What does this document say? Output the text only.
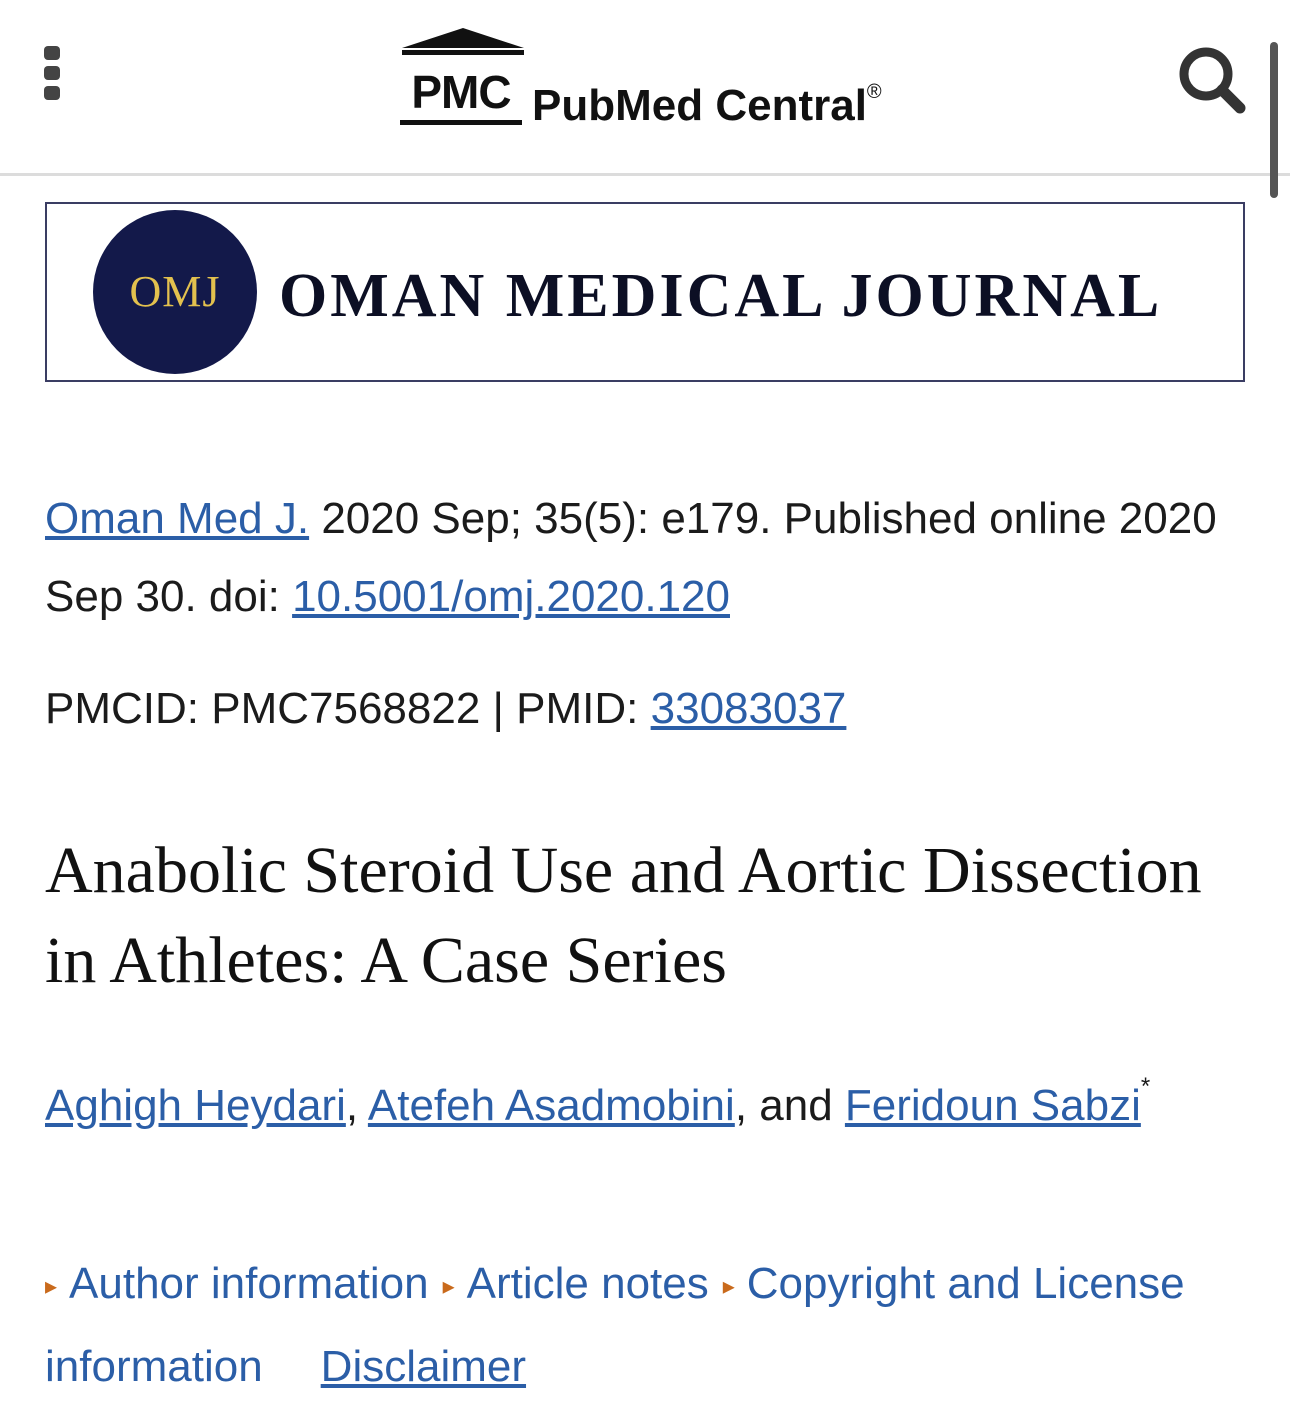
PMC PubMed Central®
OMJ OMAN MEDICAL JOURNAL
Oman Med J. 2020 Sep; 35(5): e179. Published online 2020 Sep 30. doi: 10.5001/omj.2020.120
PMCID: PMC7568822 | PMID: 33083037
Anabolic Steroid Use and Aortic Dissection in Athletes: A Case Series
Aghigh Heydari, Atefeh Asadmobini, and Feridoun Sabzi*
▸ Author information ▸ Article notes ▸ Copyright and License information Disclaimer
